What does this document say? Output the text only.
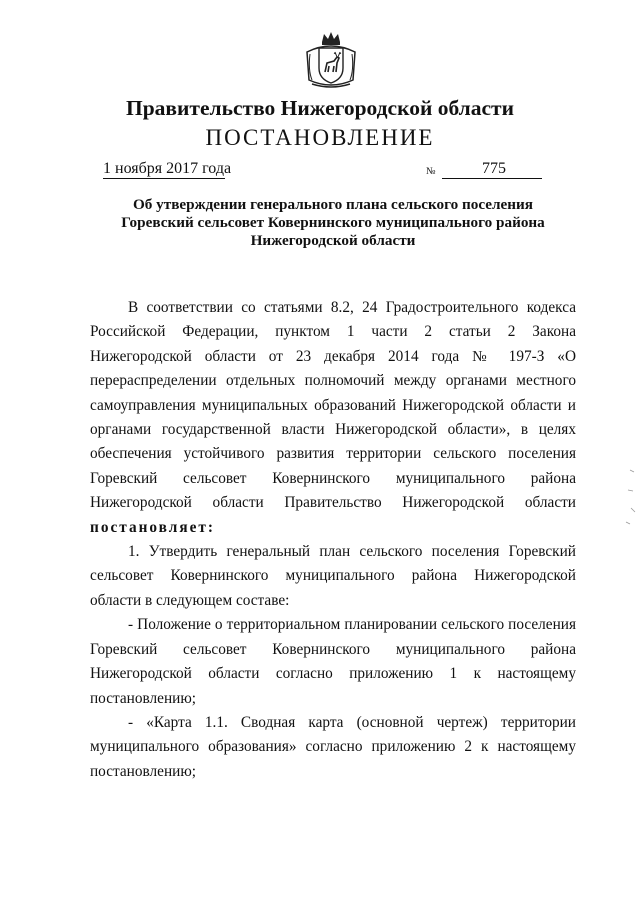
Правительство Нижегородской области
ПОСТАНОВЛЕНИЕ
1 ноября 2017 года	№	775
Об утверждении генерального плана сельского поселения
Горевский сельсовет Ковернинского муниципального района
Нижегородской области

В соответствии со статьями 8.2, 24 Градостроительного кодекса Российской Федерации, пунктом 1 части 2 статьи 2 Закона Нижегородской области от 23 декабря 2014 года № 197-З «О перераспределении отдельных полномочий между органами местного самоуправления муниципальных образований Нижегородской области и органами государственной власти Нижегородской области», в целях обеспечения устойчивого развития территории сельского поселения Горевский сельсовет Ковернинского муниципального района Нижегородской области Правительство Нижегородской области постановляет:

1. Утвердить генеральный план сельского поселения Горевский сельсовет Ковернинского муниципального района Нижегородской области в следующем составе:

- Положение о территориальном планировании сельского поселения Горевский сельсовет Ковернинского муниципального района Нижегородской области согласно приложению 1 к настоящему постановлению;

- «Карта 1.1. Сводная карта (основной чертеж) территории муниципального образования» согласно приложению 2 к настоящему постановлению;
